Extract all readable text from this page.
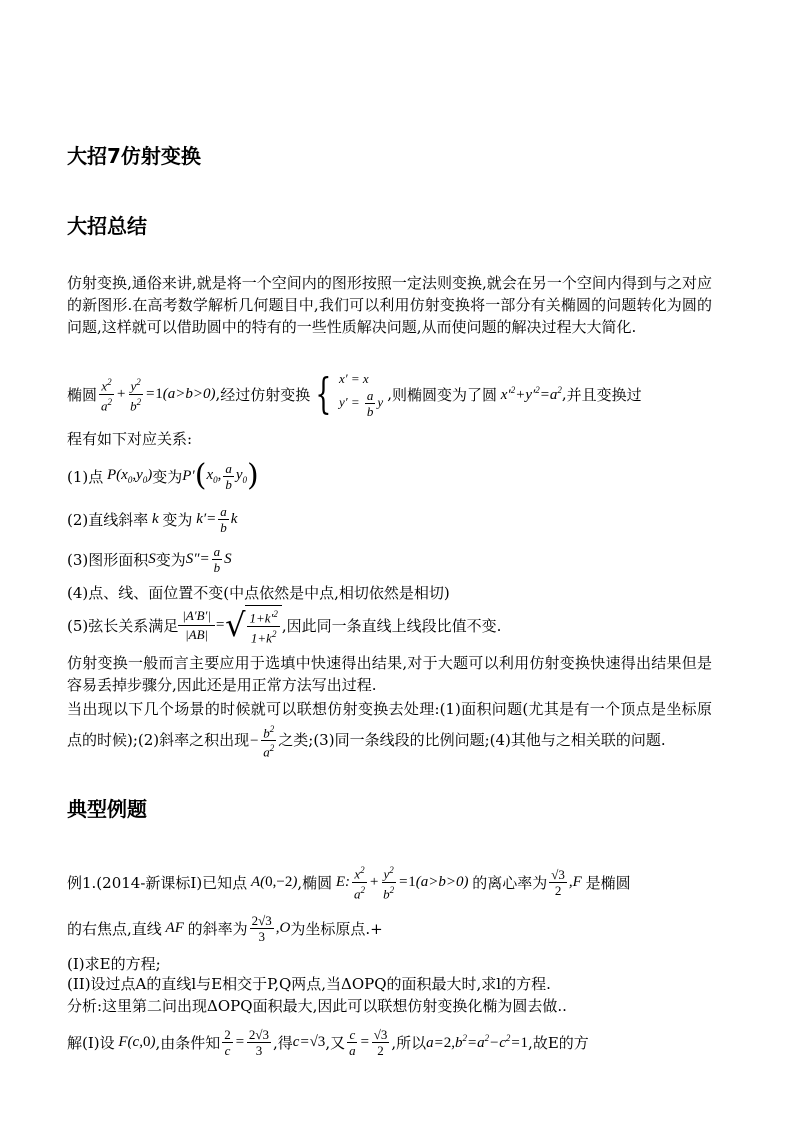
大招7仿射变换
大招总结
仿射变换,通俗来讲,就是将一个空间内的图形按照一定法则变换,就会在另一个空间内得到与之对应的新图形.在高考数学解析几何题目中,我们可以利用仿射变换将一部分有关椭圆的问题转化为圆的问题,这样就可以借助圆中的特有的一些性质解决问题,从而使问题的解决过程大大简化.
椭圆 $\frac{x^2}{a^2} + \frac{y^2}{b^2} =1(a>b>0)$ , 经过仿射变换 { x′ = x
$y' = \frac{a}{b}$ y , 则椭圆变为了圆 $x'^2+y'^2=a^2$ , 并且变换过
程有如下对应关系:
(1)点 $P(x_0,y_0)$ 变为 P′ ( $x_0$, $\frac{a}{b} y_0$ )
(2)直线斜率 k 变为 $k'= \frac{a}{b}$ k
(3)图形面积 S 变为 $S''= \frac{a}{b}$ S
(4)点、线、面位置不变(中点依然是中点,相切依然是相切)
(5)弦长关系满足 $\frac{|A'B'|}{|AB|}$ = √ $\frac{1+k'^2}{1+k^2}$ ,因此同一条直线上线段比值不变.
仿射变换一般而言主要应用于选填中快速得出结果,对于大题可以利用仿射变换快速得出结果但是容易丢掉步骤分,因此还是用正常方法写出过程.
当出现以下几个场景的时候就可以联想仿射变换去处理:(1)面积问题(尤其是有一个顶点是坐标原点的时候);(2)斜率之积出现− $\frac{b^2}{a^2}$ 之类;(3)同一条线段的比例问题;(4)其他与之相关联的问题.
典型例题
例1.(2014-新课标I)已知点 A(0,−2) ,椭圆 E: $\frac{x^2}{a^2} + \frac{y^2}{b^2} =1(a>b>0)$ 的离心率为 $\frac{√3}{2} ,F$ 是椭圆
的右焦点,直线 AF 的斜率为 $\frac{2√3}{3} ,O$ 为坐标原点.+
(I)求E的方程;
(II)设过点A的直线l与E相交于P,Q两点,当ΔOPQ的面积最大时,求l的方程.
分析:这里第二问出现ΔOPQ面积最大,因此可以联想仿射变换化椭为圆去做..
解(I)设 F(c,0) ,由条件知 $\frac{2}{c} = \frac{2√3}{3}$ ,得 c=√3 ,又 $\frac{c}{a} = \frac{√3}{2}$ ,所以 $a=2,b^2=a^2-c^2=1$ ,故E的方
